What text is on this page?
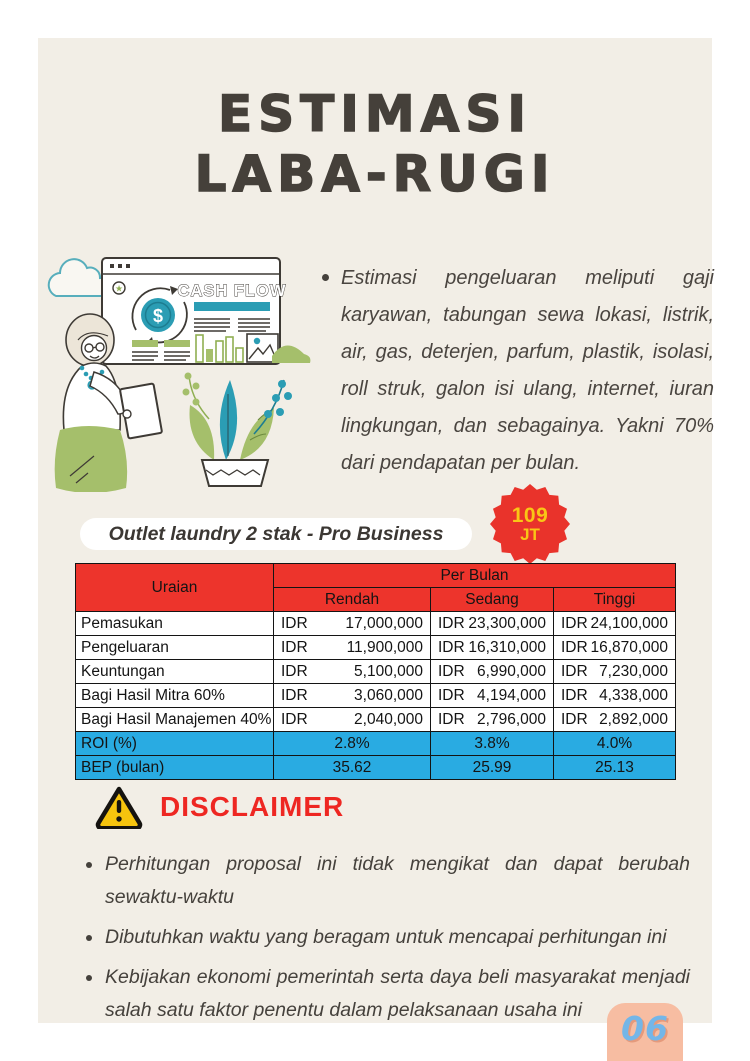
ESTIMASI
LABA-RUGI
★
$
CASH FLOW

Estimasi pengeluaran meliputi gaji karyawan, tabungan sewa lokasi, listrik, air, gas, deterjen, parfum, plastik, isolasi, roll struk, galon isi ulang, internet, iuran lingkungan, dan sebagainya. Yakni 70% dari pendapatan per bulan.

Outlet laundry 2 stak - Pro Business
109
JT
Uraian	Per Bulan		
	Rendah	Sedang	Tinggi
Pemasukan	IDR 17,000,000	IDR 23,300,000	IDR 24,100,000

Pengeluaran	IDR 11,900,000	IDR 16,310,000	IDR 16,870,000

Keuntungan	IDR 5,100,000	IDR 6,990,000	IDR 7,230,000

Bagi Hasil Mitra 60%	IDR 3,060,000	IDR 4,194,000	IDR 4,338,000

Bagi Hasil Manajemen 40%	IDR 2,040,000	IDR 2,796,000	IDR 2,892,000

ROI (%)	2.8%	3.8%	4.0%
BEP (bulan)	35.62	25.99	25.13
DISCLAIMER

Perhitungan proposal ini tidak mengikat dan dapat berubah sewaktu-waktu

Dibutuhkan waktu yang beragam untuk mencapai perhitungan ini

Kebijakan ekonomi pemerintah serta daya beli masyarakat menjadi salah satu faktor penentu dalam pelaksanaan usaha ini	06
